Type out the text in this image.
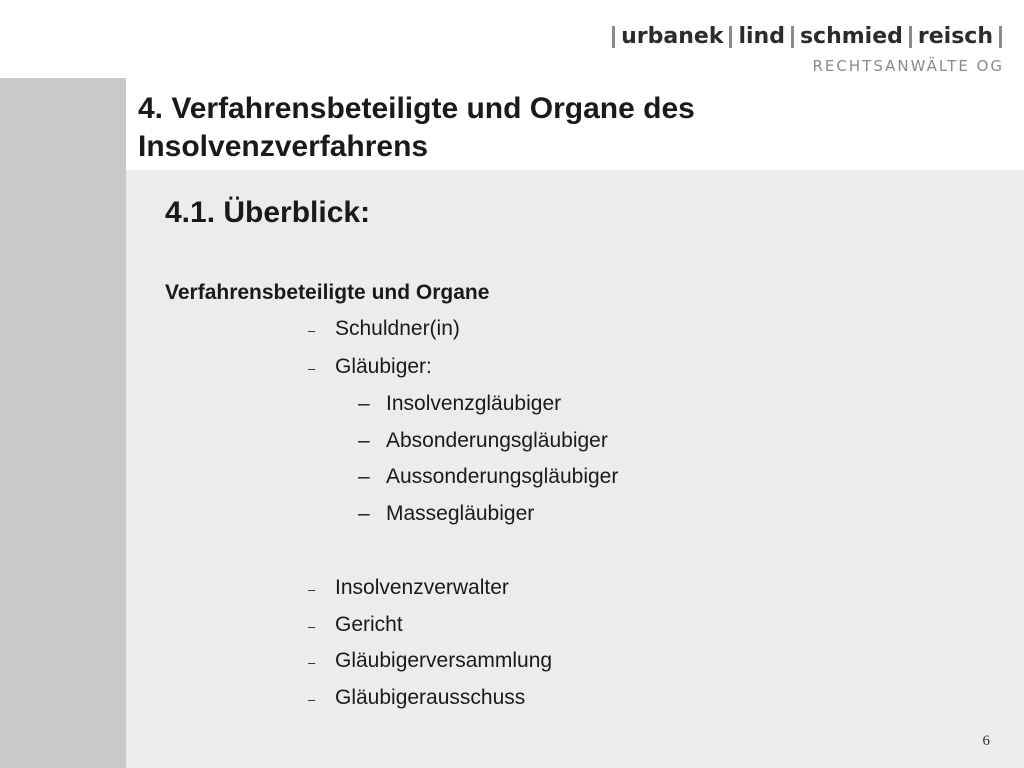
urbanek lind schmied reisch
RECHTSANWÄLTE OG
4. Verfahrensbeteiligte und Organe des
Insolvenzverfahrens
4.1. Überblick:
Verfahrensbeteiligte und Organe
– Schuldner(in)
– Gläubiger:
– Insolvenzgläubiger
– Absonderungsgläubiger
– Aussonderungsgläubiger
– Massegläubiger
– Insolvenzverwalter
– Gericht
– Gläubigerversammlung
– Gläubigerausschuss
6
